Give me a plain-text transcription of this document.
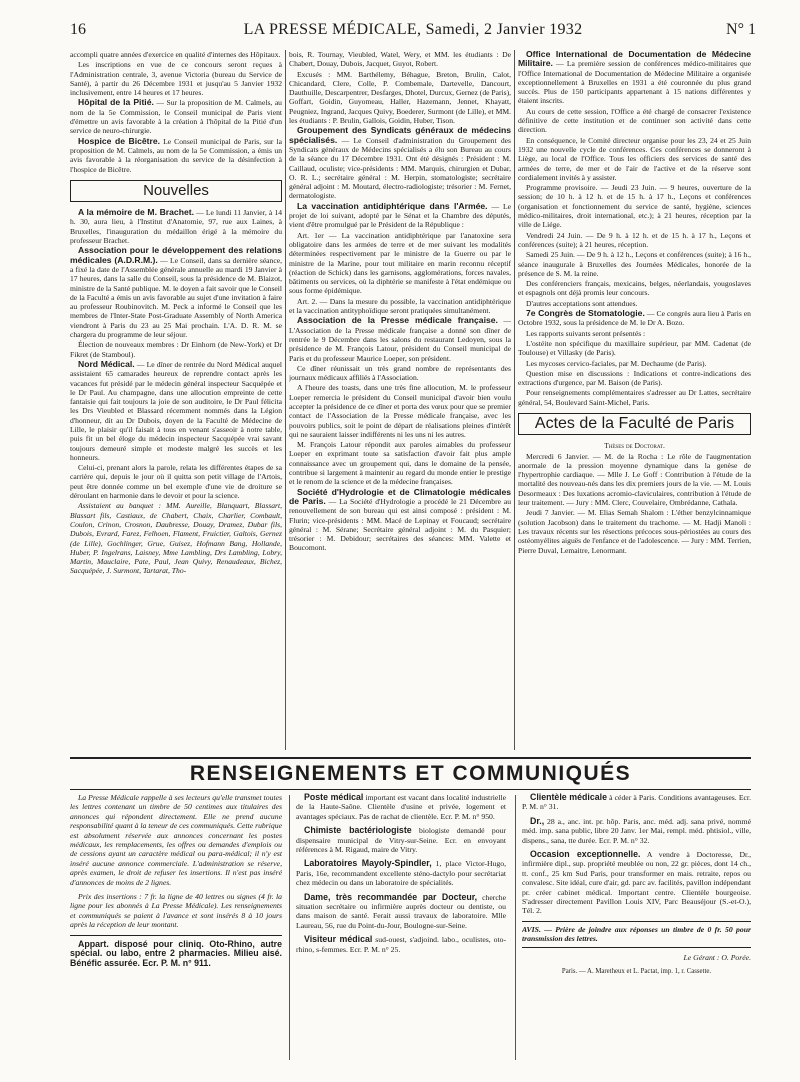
16	LA PRESSE MÉDICALE, Samedi, 2 Janvier 1932	N° 1

accompli quatre années d'exercice en qualité d'internes des Hôpitaux.

Les inscriptions en vue de ce concours seront reçues à l'Administration centrale, 3, avenue Victoria (bureau du Service de Santé), à partir du 26 Décembre 1931 et jusqu'au 5 Janvier 1932 inclusivement, entre 14 heures et 17 heures.

Hôpital de la Pitié. — Sur la proposition de M. Calmels, au nom de la 5e Commission, le Conseil municipal de Paris vient d'émettre un avis favorable à la création à l'hôpital de la Pitié d'un service de neuro-chirurgie.

Hospice de Bicêtre. Le Conseil municipal de Paris, sur la proposition de M. Calmels, au nom de la 5e Commission, a émis un avis favorable à la réorganisation du service de la désinfection à l'hospice de Bicêtre.

Nouvelles

A la mémoire de M. Brachet. — Le lundi 11 Janvier, à 14 h. 30, aura lieu, à l'Institut d'Anatomie, 97, rue aux Laines, à Bruxelles, l'inauguration du médaillon érigé à la mémoire du professeur Brachet.

Association pour le développement des relations médicales (A.D.R.M.). — Le Conseil, dans sa dernière séance, a fixé la date de l'Assemblée générale annuelle au mardi 19 Janvier à 17 heures, dans la salle du Conseil, sous la présidence de M. Blaizot, ministre de la Santé publique. M. le doyen a fait savoir que le Conseil de la Faculté a émis un avis favorable au sujet d'une invitation à faire au professeur Roubinovitch. M. Peck a informé le Conseil que les membres de l'Inter-State Post-Graduate Assembly of North America viendront à Paris du 23 au 25 Mai prochain. L'A. D. R. M. se chargera du programme de leur séjour.

Élection de nouveaux membres : Dr Einhorn (de New-York) et Dr Fikret (de Stamboul).

Nord Médical. — Le dîner de rentrée du Nord Médical auquel assistaient 65 camarades heureux de reprendre contact après les vacances fut présidé par le médecin général inspecteur Sacquépée et le Dr Paul. Au champagne, dans une allocution empreinte de cette fantaisie qui fait toujours la joie de son auditoire, le Dr Paul félicita les Drs Vieubled et Blassard récemment nommés dans la Légion d'honneur, dit au Dr Dubois, doyen de la Faculté de Médecine de Lille, le plaisir qu'il faisait à tous en venant s'asseoir à notre table, puis fit un bel éloge du médecin inspecteur Sacquépée vrai savant toujours demeuré simple et modeste malgré les succès et les honneurs.

Celui-ci, prenant alors la parole, relata les différentes étapes de sa carrière qui, depuis le jour où il quitta son petit village de l'Artois, peut être donnée comme un bel exemple d'une vie de droiture se déroulant en harmonie dans le devoir et pour la science.

Assistaient au banquet : MM. Aureille, Blanquart, Blassart, Blassart fils, Castiaux, de Chabert, Chaix, Charlier, Combault, Coulon, Crinon, Crosnon, Daubresse, Douay, Dramez, Dubar fils, Dubois, Evrard, Farez, Felhoen, Flament, Fruictier, Galtois, Gernez (de Lille), Gochlinger, Grue, Guisez, Hofmann Bang, Hollande, Huber, P. Ingelrans, Laisney, Mme Lambling, Drs Lambling, Lobry, Martin, Mauclaire, Pate, Paul, Jean Quivy, Renaudeaux, Bichez, Sacquépée, J. Surmont, Tartarat, Tho-

bois, R. Tournay, Vieubled, Watel, Wery, et MM. les étudiants : De Chabert, Douay, Dubois, Jacquet, Guyot, Robert.

Excusés : MM. Barthélemy, Béhague, Breton, Brulin, Calot, Chicandard, Clere, Colle, P. Combemale, Dartevelle, Dancourt, Dauthuille, Descarpentrer, Desfarges, Dhotel, Durcux, Gernez (de Paris), Goffart, Goidin, Guyomeau, Haller, Hazemann, Jennet, Khayatt, Peugniez, Ingrand, Jacques Quivy, Boederer, Surmont (de Lille), et MM. les étudiants : P. Brulin, Gallois, Goidin, Huber, Tison.

Groupement des Syndicats généraux de médecins spécialisés. — Le Conseil d'administration du Groupement des Syndicats généraux de Médecins spécialisés a élu son Bureau au cours de la séance du 17 Décembre 1931. Ont été désignés : Président : M. Caillaud, oculiste; vice-présidents : MM. Marquis, chirurgien et Dubar, O. R. L.; secrétaire général : M. Herpin, stomatologiste; secrétaire général adjoint : M. Moutard, électro-radiologiste; trésorier : M. Fernet, dermatologiste.

La vaccination antidiphtérique dans l'Armée. — Le projet de loi suivant, adopté par le Sénat et la Chambre des députés, vient d'être promulgué par le Président de la République :

Art. 1er — La vaccination antidiphtérique par l'anatoxine sera obligatoire dans les armées de terre et de mer suivant les modalités déterminées respectivement par le ministre de la Guerre ou par le ministre de la Marine, pour tout militaire en marin reconnu réceptif (réaction de Schick) dans les garnisons, agglomérations, forces navales, bâtiments ou services, où la diphtérie se manifeste à l'état endémique ou sous forme épidémique.

Art. 2. — Dans la mesure du possible, la vaccination antidiphtérique et la vaccination antityphoïdique seront pratiquées simultanément.

Association de la Presse médicale française. — L'Association de la Presse médicale française a donné son dîner de rentrée le 9 Décembre dans les salons du restaurant Ledoyen, sous la présidence de M. François Latour, président du Conseil municipal de Paris et du professeur Maurice Loeper, son président.

Ce dîner réunissait un très grand nombre de représentants des journaux médicaux affiliés à l'Association.

A l'heure des toasts, dans une très fine allocution, M. le professeur Loeper remercia le président du Conseil municipal d'avoir bien voulu accepter la présidence de ce dîner et porta des vœux pour que se premier contact de l'Association de la Presse médicale française, avec les pouvoirs publics, soit le point de départ de réalisations pleines d'intérêt qui ne sauraient laisser indifférents ni les uns ni les autres.

M. François Latour répondit aux paroles aimables du professeur Loeper en exprimant toute sa satisfaction d'avoir fait plus ample connaissance avec un groupement qui, dans le domaine de la pensée, contribue si largement à maintenir au regard du monde entier le prestige et le renom de la science et de la médecine françaises.

Société d'Hydrologie et de Climatologie médicales de Paris. — La Société d'Hydrologie a procédé le 21 Décembre au renouvellement de son bureau qui est ainsi composé : président : M. Flurin; vice-présidents : MM. Macé de Lepinay et Foucaud; secrétaire général : M. Sérane; Secrétaire général adjoint : M. du Pasquier; trésorier : M. Debidour; secrétaires des séances: MM. Valette et Boucomont.

Office International de Documentation de Médecine Militaire. — La première session de conférences médico-militaires que l'Office International de Documentation de Médecine Militaire a organisée exceptionnellement à Bruxelles en 1931 a été couronnée du plus grand succès. Plus de 150 participants appartenant à 15 nations différentes y étaient inscrits.

Au cours de cette session, l'Office a été chargé de consacrer l'existence définitive de cette institution et de continuer son activité dans cette direction.

En conséquence, le Comité directeur organise pour les 23, 24 et 25 Juin 1932 une nouvelle cycle de conférences. Ces conférences se donneront à Liège, au local de l'Office. Tous les officiers des services de santé des armées de terre, de mer et de l'air de l'active et de la réserve sont cordialement invités à y assister.

Programme provisoire. — Jeudi 23 Juin. — 9 heures, ouverture de la session; de 10 h. à 12 h. et de 15 h. à 17 h., Leçons et conférences (organisation et fonctionnement du service de santé, hygiène, sciences médico-militaires, droit international, etc.); à 21 heures, réception par la ville de Liége.

Vendredi 24 Juin. — De 9 h. à 12 h. et de 15 h. à 17 h., Leçons et conférences (suite); à 21 heures, réception.

Samedi 25 Juin. — De 9 h. à 12 h., Leçons et conférences (suite); à 16 h., séance inaugurale à Bruxelles des Journées Médicales, honorée de la présence de S. M. la reine.

Des conférenciers français, mexicains, belges, néerlandais, yougoslaves et espagnols ont déjà promis leur concours.

D'autres acceptations sont attendues.

7e Congrès de Stomatologie. — Ce congrès aura lieu à Paris en Octobre 1932, sous la présidence de M. le Dr A. Bozo.

Les rapports suivants seront présentés :

L'ostéite non spécifique du maxillaire supérieur, par MM. Cadenat (de Toulouse) et Villasky (de Paris).

Les mycoses cervico-faciales, par M. Dechaume (de Paris).

Question mise en discussions : Indications et contre-indications des extractions d'urgence, par M. Baison (de Paris).

Pour renseignements complémentaires s'adresser au Dr Lattes, secrétaire général, 54, Boulevard Saint-Michel, Paris.

Actes de la Faculté de Paris

Thèses de Doctorat.

Mercredi 6 Janvier. — M. de la Rocha : Le rôle de l'augmentation anormale de la pression moyenne dynamique dans la genèse de l'hypertrophie cardiaque. — Mlle J. Le Goff : Contribution à l'étude de la mortalité des nouveau-nés dans les dix premiers jours de la vie. — M. Louis Desormeaux : Des luxations acromio-claviculaires, contribution à l'étude de leur traitement. — Jury : MM. Clerc, Couvelaire, Ombrédanne, Cathala.

Jeudi 7 Janvier. — M. Elias Semah Shalom : L'éther benzylcinnamique (solution Jacobson) dans le traitement du trachome. — M. Hadji Manoli : Les travaux récents sur les résections précoces sous-périostées au cours des ostéomyélites aiguës de l'enfance et de l'adolescence. — Jury : MM. Terrien, Pierre Duval, Lemaitre, Lenormant.

RENSEIGNEMENTS ET COMMUNIQUÉS

La Presse Médicale rappelle à ses lecteurs qu'elle transmet toutes les lettres contenant un timbre de 50 centimes aux titulaires des annonces qui répondent directement. Elle ne prend aucune responsabilité quant à la teneur de ces communiqués. Cette rubrique est absolument réservée aux annonces concernant les postes médicaux, les remplacements, les offres ou demandes d'emplois ou de cessions ayant un caractère médical ou para-médical; il n'y est inséré aucune annonce commerciale. L'administration se réserve, après examen, le droit de refuser les insertions. Il n'est pas inséré d'annonces de moins de 2 lignes.

Prix des insertions : 7 fr. la ligne de 40 lettres ou signes (4 fr. la ligne pour les abonnés à La Presse Médicale). Les renseignements et communiqués se paient à l'avance et sont insérés 8 à 10 jours après la réception de leur montant.

Appart. disposé pour cliniq. Oto-Rhino, autre spécial. ou labo, entre 2 pharmacies. Milieu aisé. Bénéfic assurée. Ecr. P. M. n° 911.

Poste médical important est vacant dans localité industrielle de la Haute-Saône. Clientèle d'usine et privée, logement et avantages spéciaux. Pas de rachat de clientèle. Ecr. P. M. n° 950.

Chimiste bactériologiste biologiste demandé pour dispensaire municipal de Vitry-sur-Seine. Ecr. en envoyant références à M. Rigaud, maire de Vitry.

Laboratoires Mayoly-Spindler, 1, place Victor-Hugo, Paris, 16e, recommandent excellente sténo-dactylo pour secrétariat chez médecin ou dans un laboratoire de spécialités.

Dame, très recommandée par Docteur, cherche situation secrétaire ou infirmière auprès docteur ou dentiste, ou dans maison de santé. Ferait aussi travaux de laboratoire. Mlle Laureau, 56, rue du Point-du-Jour, Boulogne-sur-Seine.

Visiteur médical sud-ouest, s'adjoind. labo., oculistes, oto-rhino, s-femmes. Ecr. P. M. n° 25.

Clientèle médicale à céder à Paris. Conditions avantageuses. Ecr. P. M. n° 31.

Dr., 28 a., anc. int. pr. hôp. Paris, anc. méd. adj. sana privé, nommé méd. imp. sana public, libre 20 Janv. 1er Mai, rempl. méd. phtisiol., ville, dispens., sana, tte durée. Ecr. P. M. n° 32.

Occasion exceptionnelle. A vendre à Doctoresse, Dr., infirmière dipl., sup. propriété meublée ou non, 22 gr. pièces, dont 14 ch., tt. conf., 25 km Sud Paris, pour transformer en mais. retraite, repos ou convalesc. Site idéal, cure d'air, gd. parc av. facilités, pavillon indépendant pr. créer cabinet médical. Important centre. Clientèle bourgeoise. S'adresser directement Pavillon Louis XIV, Parc Beauséjour (S.-et-O.), Tél. 2.

AVIS. — Prière de joindre aux réponses un timbre de 0 fr. 50 pour transmission des lettres.

Le Gérant : O. Porée.

Paris. — A. Maretheux et L. Pactat, imp. 1, r. Cassette.
